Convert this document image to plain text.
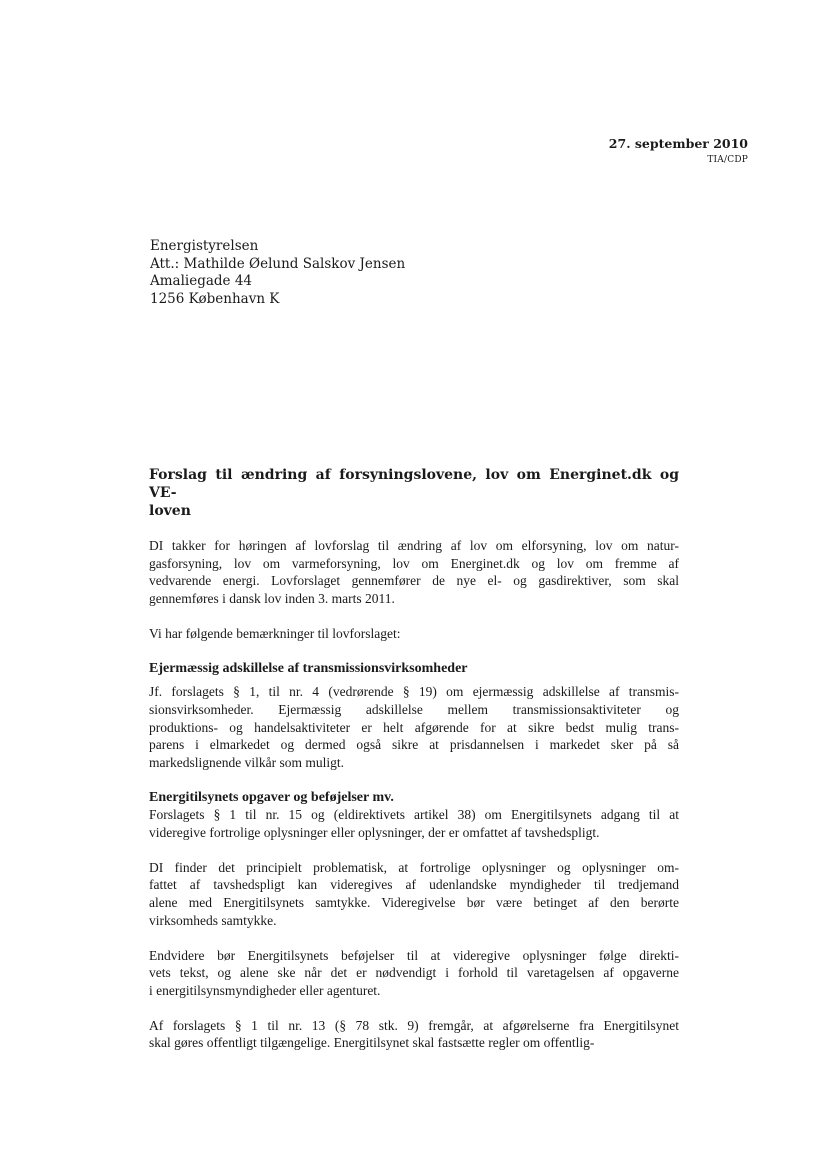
27. september 2010
TIA/CDP
Energistyrelsen
Att.: Mathilde Øelund Salskov Jensen
Amaliegade 44
1256 København K
Forslag til ændring af forsyningslovene, lov om Energinet.dk og VE-
loven
DI takker for høringen af lovforslag til ændring af lov om elforsyning, lov om natur-
gasforsyning, lov om varmeforsyning, lov om Energinet.dk og lov om fremme af
vedvarende energi. Lovforslaget gennemfører de nye el- og gasdirektiver, som skal
gennemføres i dansk lov inden 3. marts 2011.
Vi har følgende bemærkninger til lovforslaget:
Ejermæssig adskillelse af transmissionsvirksomheder
Jf. forslagets § 1, til nr. 4 (vedrørende § 19) om ejermæssig adskillelse af transmis-
sionsvirksomheder. Ejermæssig adskillelse mellem transmissionsaktiviteter og
produktions- og handelsaktiviteter er helt afgørende for at sikre bedst mulig trans-
parens i elmarkedet og dermed også sikre at prisdannelsen i markedet sker på så
markedslignende vilkår som muligt.
Energitilsynets opgaver og beføjelser mv.
Forslagets § 1 til nr. 15 og (eldirektivets artikel 38) om Energitilsynets adgang til at
videregive fortrolige oplysninger eller oplysninger, der er omfattet af tavshedspligt.
DI finder det principielt problematisk, at fortrolige oplysninger og oplysninger om-
fattet af tavshedspligt kan videregives af udenlandske myndigheder til tredjemand
alene med Energitilsynets samtykke. Videregivelse bør være betinget af den berørte
virksomheds samtykke.
Endvidere bør Energitilsynets beføjelser til at videregive oplysninger følge direkti-
vets tekst, og alene ske når det er nødvendigt i forhold til varetagelsen af opgaverne
i energitilsynsmyndigheder eller agenturet.
Af forslagets § 1 til nr. 13 (§ 78 stk. 9) fremgår, at afgørelserne fra Energitilsynet
skal gøres offentligt tilgængelige. Energitilsynet skal fastsætte regler om offentlig-
